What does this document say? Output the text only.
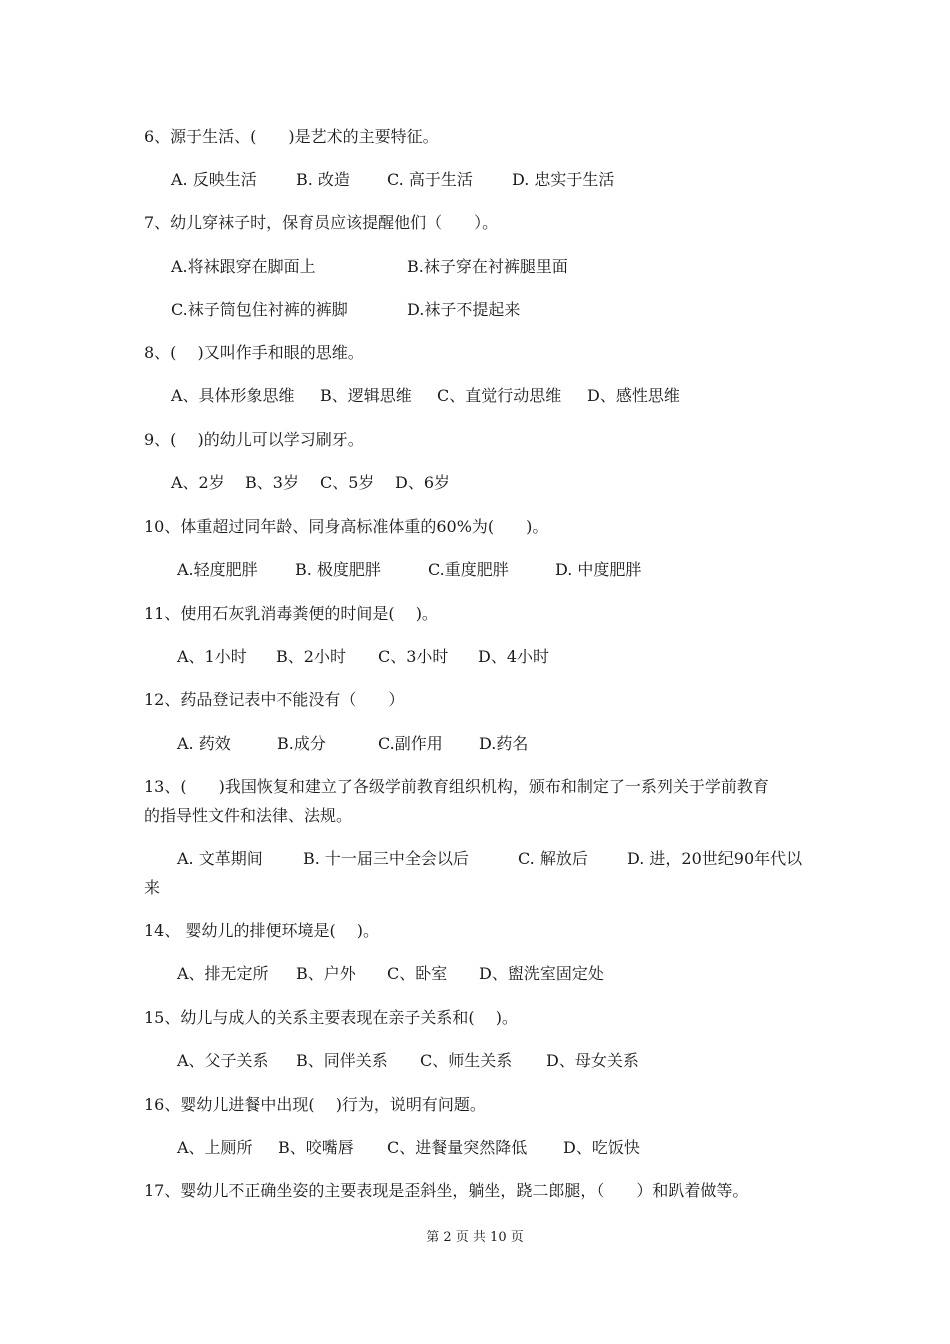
6、源于生活、(　　)是艺术的主要特征。
A. 反映生活 B. 改造 C. 高于生活 D. 忠实于生活
7、幼儿穿袜子时，保育员应该提醒他们（　　）。
A.将袜跟穿在脚面上	B.袜子穿在衬裤腿里面
C.袜子筒包住衬裤的裤脚	D.袜子不提起来
8、(　 )又叫作手和眼的思维。
A、具体形象思维 B、逻辑思维 C、直觉行动思维 D、感性思维
9、(　 )的幼儿可以学习刷牙。
A、2岁 B、3岁 C、5岁 D、6岁
10、体重超过同年龄、同身高标准体重的60%为(　　)。
A.轻度肥胖 B. 极度肥胖	C.重度肥胖	D. 中度肥胖
11、使用石灰乳消毒粪便的时间是(　 )。
A、1小时 B、2小时 C、3小时 D、4小时
12、药品登记表中不能没有（　　）
A. 药效	B.成分	C.副作用 D.药名
13、(　　)我国恢复和建立了各级学前教育组织机构，颁布和制定了一系列关于学前教育
的指导性文件和法律、法规。
A. 文革期间	B. 十一届三中全会以后	C. 解放后 D. 进，20世纪90年代以
来
14、 婴幼儿的排便环境是(　 )。
A、排无定所 B、户外 C、卧室 D、盥洗室固定处
15、幼儿与成人的关系主要表现在亲子关系和(　 )。
A、父子关系 B、同伴关系 C、师生关系 D、母女关系
16、婴幼儿进餐中出现(　 )行为，说明有问题。
A、上厕所 B、咬嘴唇 C、进餐量突然降低 D、吃饭快
17、婴幼儿不正确坐姿的主要表现是歪斜坐，躺坐，跷二郎腿，（　　）和趴着做等。
第 2 页 共 10 页
